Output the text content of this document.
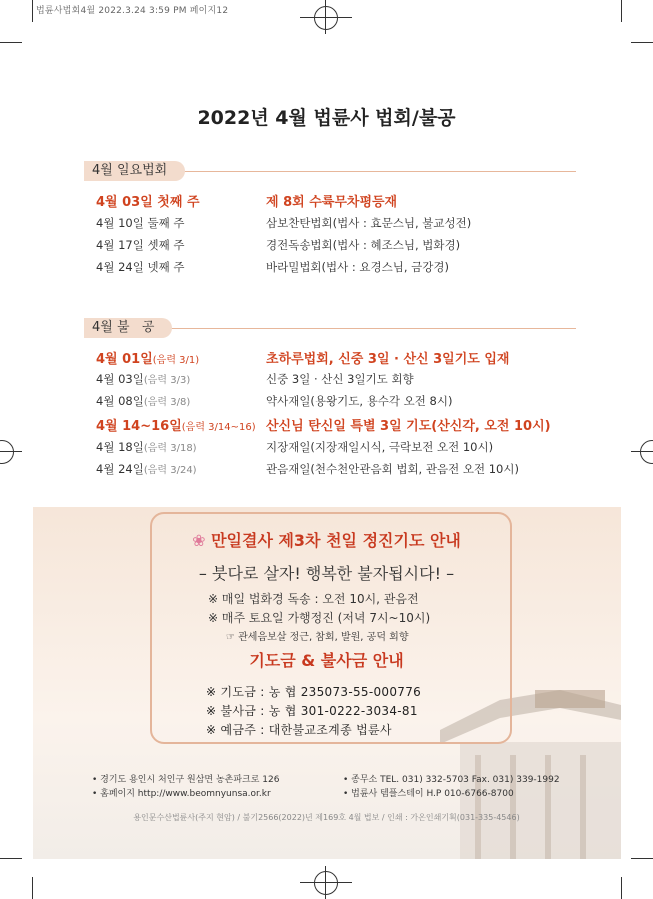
법륜사법회4월 2022.3.24 3:59 PM 페이지12
2022년 4월 법륜사 법회/불공
4월 일요법회
4월 03일 첫째 주	제 8회 수륙무차평등재
4월 10일 둘째 주	삼보찬탄법회(법사 : 효문스님, 불교성전)
4월 17일 셋째 주	경전독송법회(법사 : 혜조스님, 법화경)
4월 24일 넷째 주	바라밀법회(법사 : 요경스님, 금강경)
4월 불   공
4월 01일(음력 3/1)	초하루법회, 신중 3일 · 산신 3일기도 입재
4월 03일(음력 3/3)	신중 3일 · 산신 3일기도 회향
4월 08일(음력 3/8)	약사재일(용왕기도, 용수각 오전 8시)
4월 14~16일(음력 3/14~16) 산신님 탄신일 특별 3일 기도(산신각, 오전 10시)
4월 18일(음력 3/18)	지장재일(지장재일시식, 극락보전 오전 10시)
4월 24일(음력 3/24)	관음재일(천수천안관음회 법회, 관음전 오전 10시)
❀ 만일결사 제3차 천일 정진기도 안내
– 붓다로 살자! 행복한 불자됩시다! –
※ 매일 법화경 독송 : 오전 10시, 관음전
※ 매주 토요일 가행정진 (저녁 7시~10시)
☞ 관세음보살 정근, 참회, 발원, 공덕 회향
기도금 & 불사금 안내
※ 기도금 : 농 협 235073-55-000776
※ 불사금 : 농 협 301-0222-3034-81
※ 예금주 : 대한불교조계종 법륜사
• 경기도 용인시 처인구 원삼면 농촌파크로 126
• 홈페이지 http://www.beomnyunsa.or.kr
• 종무소 TEL. 031) 332-5703 Fax. 031) 339-1992
• 법륜사 템플스테이 H.P 010-6766-8700
용인문수산법륜사(주지 현암) / 불기2566(2022)년 제169호 4월 법보 / 인쇄 : 가온인쇄기획(031-335-4546)
